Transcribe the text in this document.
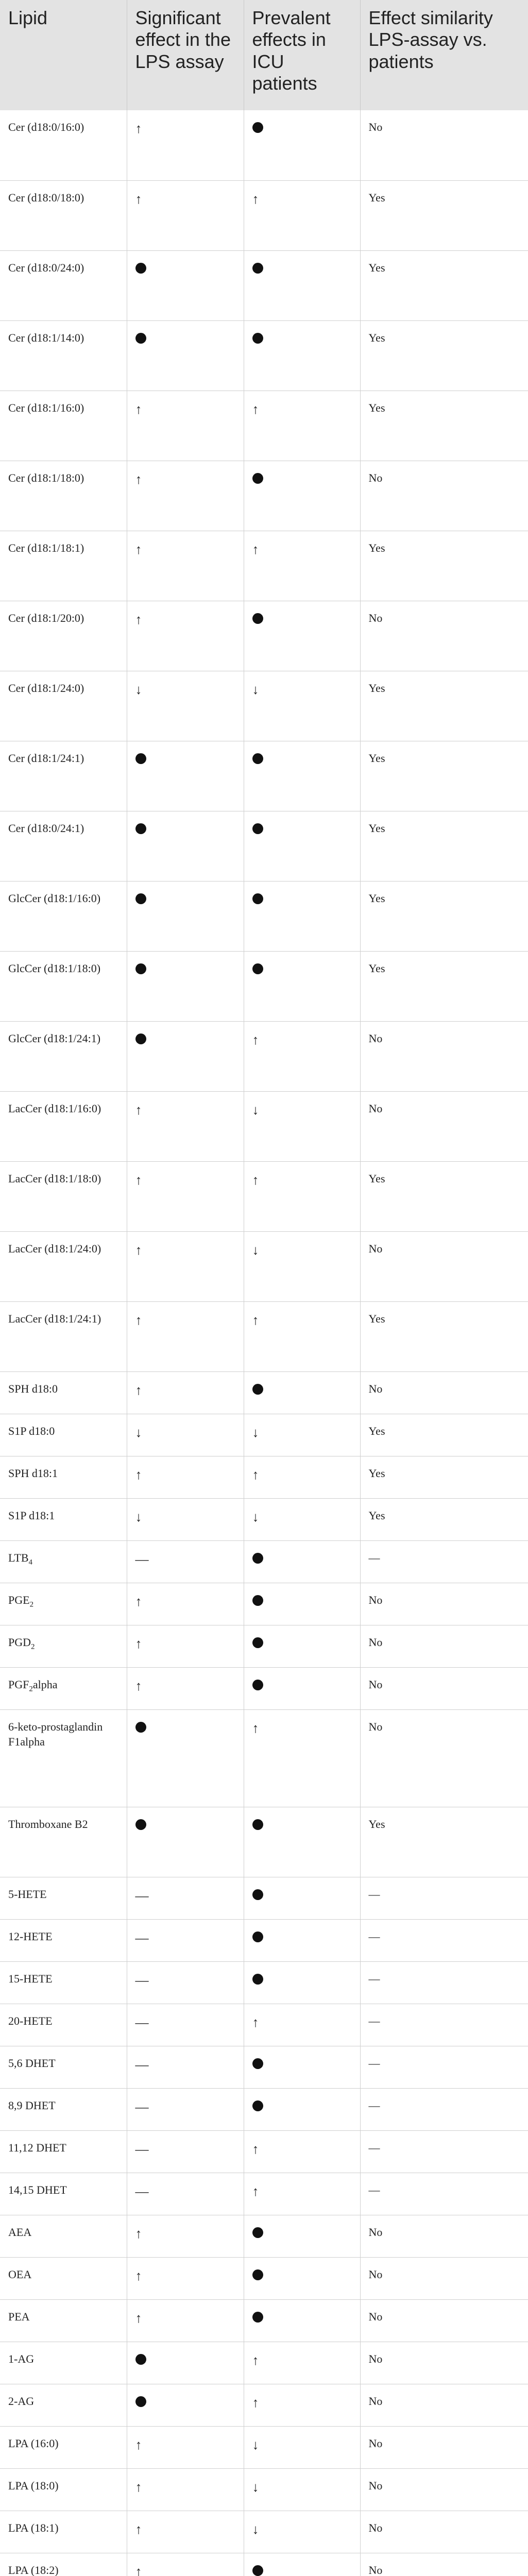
Lipid	Significant effect in the LPS assay	Prevalent effects in ICU patients	Effect similarity LPS-assay vs. patients
Cer (d18:0/16:0)	↑		No
Cer (d18:0/18:0)	↑	↑	Yes
Cer (d18:0/24:0)			Yes
Cer (d18:1/14:0)			Yes
Cer (d18:1/16:0)	↑	↑	Yes
Cer (d18:1/18:0)	↑		No
Cer (d18:1/18:1)	↑	↑	Yes
Cer (d18:1/20:0)	↑		No
Cer (d18:1/24:0)	↓	↓	Yes
Cer (d18:1/24:1)			Yes
Cer (d18:0/24:1)			Yes
GlcCer (d18:1/16:0)			Yes
GlcCer (d18:1/18:0)			Yes
GlcCer (d18:1/24:1)		↑	No
LacCer (d18:1/16:0)	↑	↓	No
LacCer (d18:1/18:0)	↑	↑	Yes
LacCer (d18:1/24:0)	↑	↓	No
LacCer (d18:1/24:1)	↑	↑	Yes
SPH d18:0	↑		No
S1P d18:0	↓	↓	Yes
SPH d18:1	↑	↑	Yes
S1P d18:1	↓	↓	Yes
$LTB_4$	—		—
$PGE_2$	↑		No
$PGD_2$	↑		No
$PGF_2alpha$	↑		No
6-keto-prostaglandin F1alpha		↑	No
Thromboxane B2			Yes
5-HETE	—		—
12-HETE	—		—
15-HETE	—		—
20-HETE	—	↑	—
5,6 DHET	—		—
8,9 DHET	—		—
11,12 DHET	—	↑	—
14,15 DHET	—	↑	—
AEA	↑		No
OEA	↑		No
PEA	↑		No
1-AG		↑	No
2-AG		↑	No
LPA (16:0)	↑	↓	No
LPA (18:0)	↑	↓	No
LPA (18:1)	↑	↓	No
LPA (18:2)	↑		No
